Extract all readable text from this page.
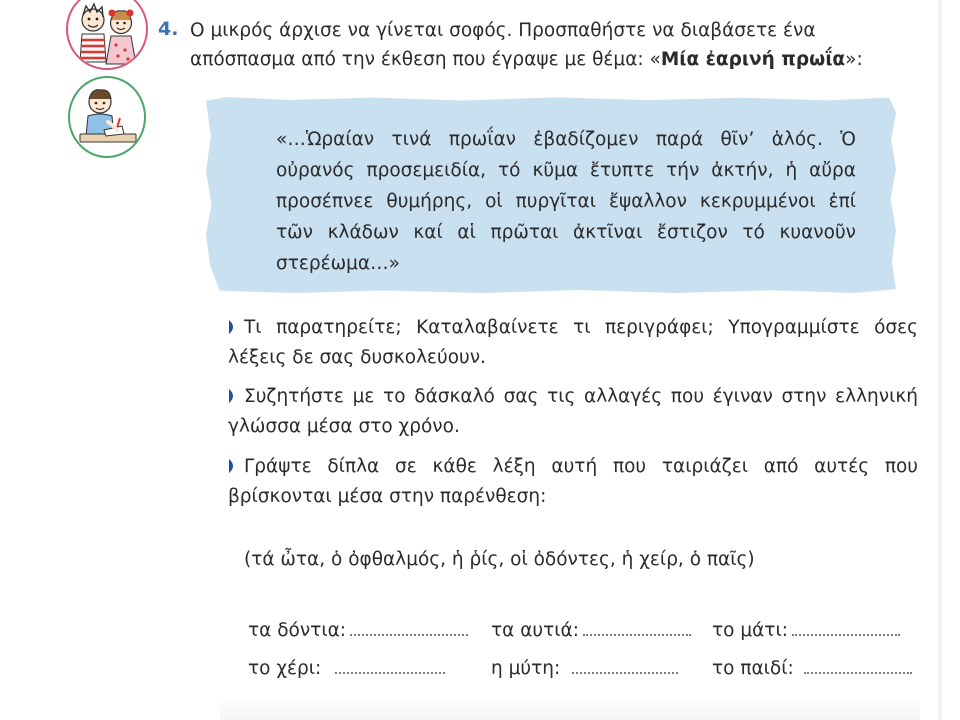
4. Ο μικρός άρχισε να γίνεται σοφός. Προσπαθήστε να διαβάσετε ένα απόσπασμα από την έκθεση που έγραψε με θέμα: «Μία ἐαρινή πρωΐα»:
«…Ὡραίαν τινά πρωΐαν ἐβαδίζομεν παρά θῖν’ ἁλός. Ὁ οὐρανός προσεμειδία, τό κῦμα ἔτυπτε τήν ἀκτήν, ἡ αὔρα προσέπνεε θυμήρης, οἱ πυργῖται ἔψαλλον κεκρυμμένοι ἐπί τῶν κλάδων καί αἱ πρῶται ἀκτῖναι ἔστιζον τό κυανοῦν στερέωμα…»
Τι παρατηρείτε; Καταλαβαίνετε τι περιγράφει; Υπογραμμίστε όσες λέξεις δε σας δυσκολεύουν.
Συζητήστε με το δάσκαλό σας τις αλλαγές που έγιναν στην ελληνική γλώσσα μέσα στο χρόνο.
Γράψτε δίπλα σε κάθε λέξη αυτή που ταιριάζει από αυτές που βρίσκονται μέσα στην παρένθεση:
(τά ὦτα, ὁ ὀφθαλμός, ἡ ῥίς, οἱ ὀδόντες, ἡ χείρ, ὁ παῖς)
τα δόντια:	τα αυτιά:	το μάτι:
το χέρι:	η μύτη:	το παιδί:
